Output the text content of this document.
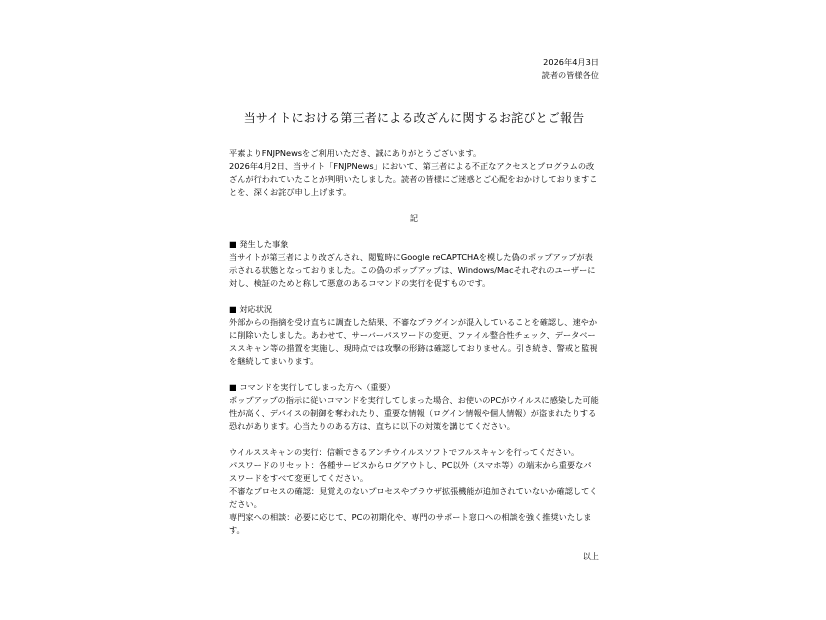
2026年4月3日

読者の皆様各位

当サイトにおける第三者による改ざんに関するお詫びとご報告

平素よりFNJPNewsをご利用いただき、誠にありがとうございます。

2026年4月2日、当サイト「FNJPNews」において、第三者による不正なアクセスとプログラムの改ざんが行われていたことが判明いたしました。読者の皆様にご迷惑とご心配をおかけしておりますことを、深くお詫び申し上げます。

記

■ 発生した事象

当サイトが第三者により改ざんされ、閲覧時にGoogle reCAPTCHAを模した偽のポップアップが表示される状態となっておりました。この偽のポップアップは、Windows/Macそれぞれのユーザーに対し、検証のためと称して悪意のあるコマンドの実行を促すものです。

■ 対応状況

外部からの指摘を受け直ちに調査した結果、不審なプラグインが混入していることを確認し、速やかに削除いたしました。あわせて、サーバーパスワードの変更、ファイル整合性チェック、データベーススキャン等の措置を実施し、現時点では攻撃の形跡は確認しておりません。引き続き、警戒と監視を継続してまいります。

■ コマンドを実行してしまった方へ（重要）

ポップアップの指示に従いコマンドを実行してしまった場合、お使いのPCがウイルスに感染した可能性が高く、デバイスの制御を奪われたり、重要な情報（ログイン情報や個人情報）が盗まれたりする恐れがあります。心当たりのある方は、直ちに以下の対策を講じてください。

ウイルススキャンの実行：信頼できるアンチウイルスソフトでフルスキャンを行ってください。

パスワードのリセット：各種サービスからログアウトし、PC以外（スマホ等）の端末から重要なパスワードをすべて変更してください。

不審なプロセスの確認：見覚えのないプロセスやブラウザ拡張機能が追加されていないか確認してください。

専門家への相談：必要に応じて、PCの初期化や、専門のサポート窓口への相談を強く推奨いたします。

以上
